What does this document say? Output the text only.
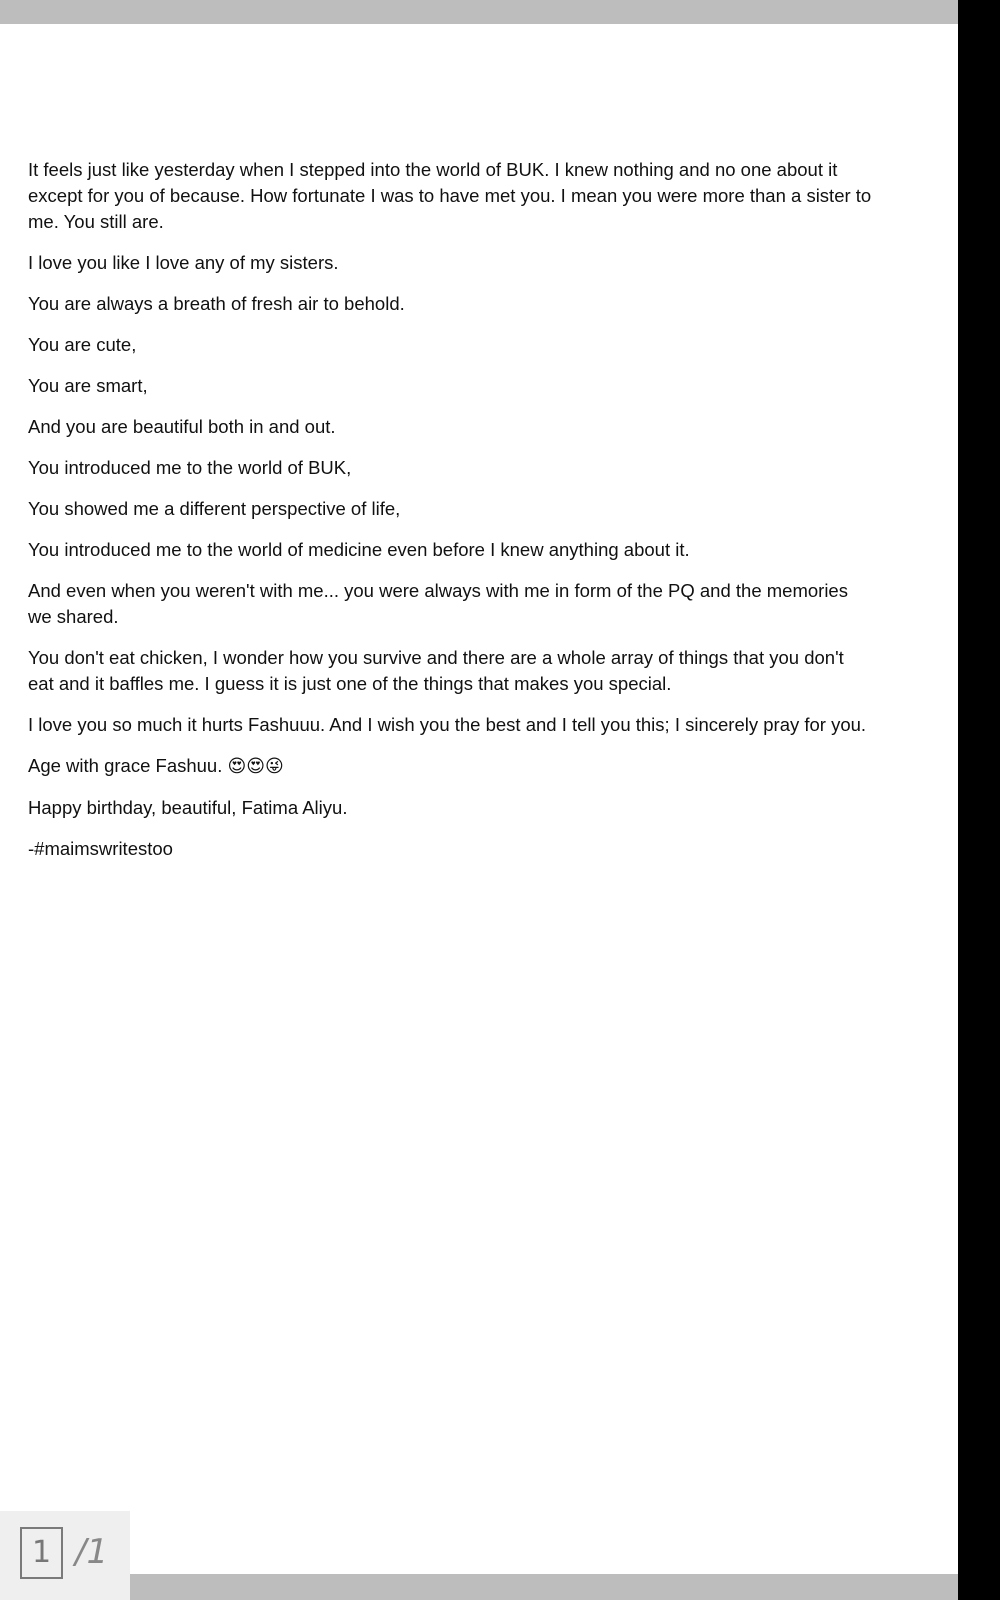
It feels just like yesterday when I stepped into the world of BUK. I knew nothing and no one about it except for you of because. How fortunate I was to have met you. I mean you were more than a sister to me. You still are.

I love you like I love any of my sisters.

You are always a breath of fresh air to behold.

You are cute,

You are smart,

And you are beautiful both in and out.

You introduced me to the world of BUK,

You showed me a different perspective of life,

You introduced me to the world of medicine even before I knew anything about it.

And even when you weren't with me... you were always with me in form of the PQ and the memories we shared.

You don't eat chicken, I wonder how you survive and there are a whole array of things that you don't eat and it baffles me. I guess it is just one of the things that makes you special.

I love you so much it hurts Fashuuu. And I wish you the best and I tell you this; I sincerely pray for you.

Age with grace Fashuu. 😍😍😜

Happy birthday, beautiful, Fatima Aliyu.

-#maimswritestoo

1 /1
